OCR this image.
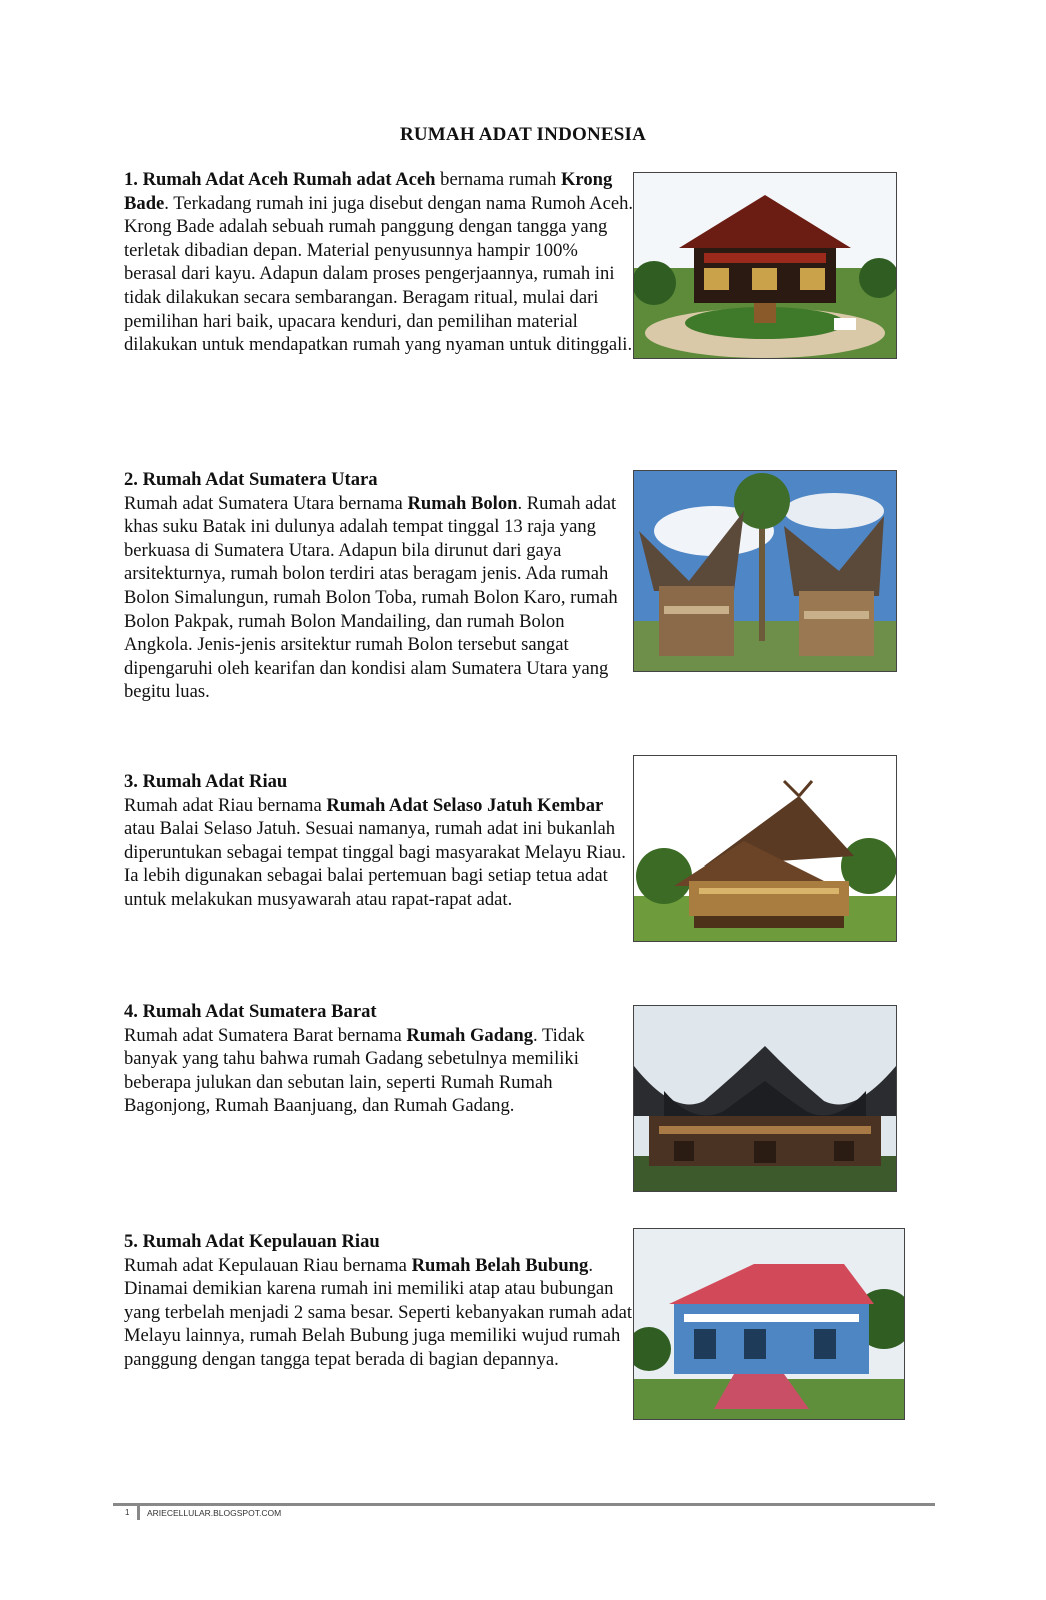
RUMAH ADAT INDONESIA

1. Rumah Adat Aceh Rumah adat Aceh bernama rumah Krong Bade. Terkadang rumah ini juga disebut dengan nama Rumoh Aceh. Krong Bade adalah sebuah rumah panggung dengan tangga yang terletak dibadian depan. Material penyusunnya hampir 100% berasal dari kayu. Adapun dalam proses pengerjaannya, rumah ini tidak dilakukan secara sembarangan. Beragam ritual, mulai dari pemilihan hari baik, upacara kenduri, dan pemilihan material dilakukan untuk mendapatkan rumah yang nyaman untuk ditinggali.

2. Rumah Adat Sumatera Utara

Rumah adat Sumatera Utara bernama Rumah Bolon. Rumah adat khas suku Batak ini dulunya adalah tempat tinggal 13 raja yang berkuasa di Sumatera Utara. Adapun bila dirunut dari gaya arsitekturnya, rumah bolon terdiri atas beragam jenis. Ada rumah Bolon Simalungun, rumah Bolon Toba, rumah Bolon Karo, rumah Bolon Pakpak, rumah Bolon Mandailing, dan rumah Bolon Angkola. Jenis-jenis arsitektur rumah Bolon tersebut sangat dipengaruhi oleh kearifan dan kondisi alam Sumatera Utara yang begitu luas.

3. Rumah Adat Riau

Rumah adat Riau bernama Rumah Adat Selaso Jatuh Kembar atau Balai Selaso Jatuh. Sesuai namanya, rumah adat ini bukanlah diperuntukan sebagai tempat tinggal bagi masyarakat Melayu Riau. Ia lebih digunakan sebagai balai pertemuan bagi setiap tetua adat untuk melakukan musyawarah atau rapat-rapat adat.

4. Rumah Adat Sumatera Barat

Rumah adat Sumatera Barat bernama Rumah Gadang. Tidak banyak yang tahu bahwa rumah Gadang sebetulnya memiliki beberapa julukan dan sebutan lain, seperti Rumah Rumah Bagonjong, Rumah Baanjuang, dan Rumah Gadang.

5. Rumah Adat Kepulauan Riau

Rumah adat Kepulauan Riau bernama Rumah Belah Bubung. Dinamai demikian karena rumah ini memiliki atap atau bubungan yang terbelah menjadi 2 sama besar. Seperti kebanyakan rumah adat Melayu lainnya, rumah Belah Bubung juga memiliki wujud rumah panggung dengan tangga tepat berada di bagian depannya.

1 ARIECELLULAR.BLOGSPOT.COM
